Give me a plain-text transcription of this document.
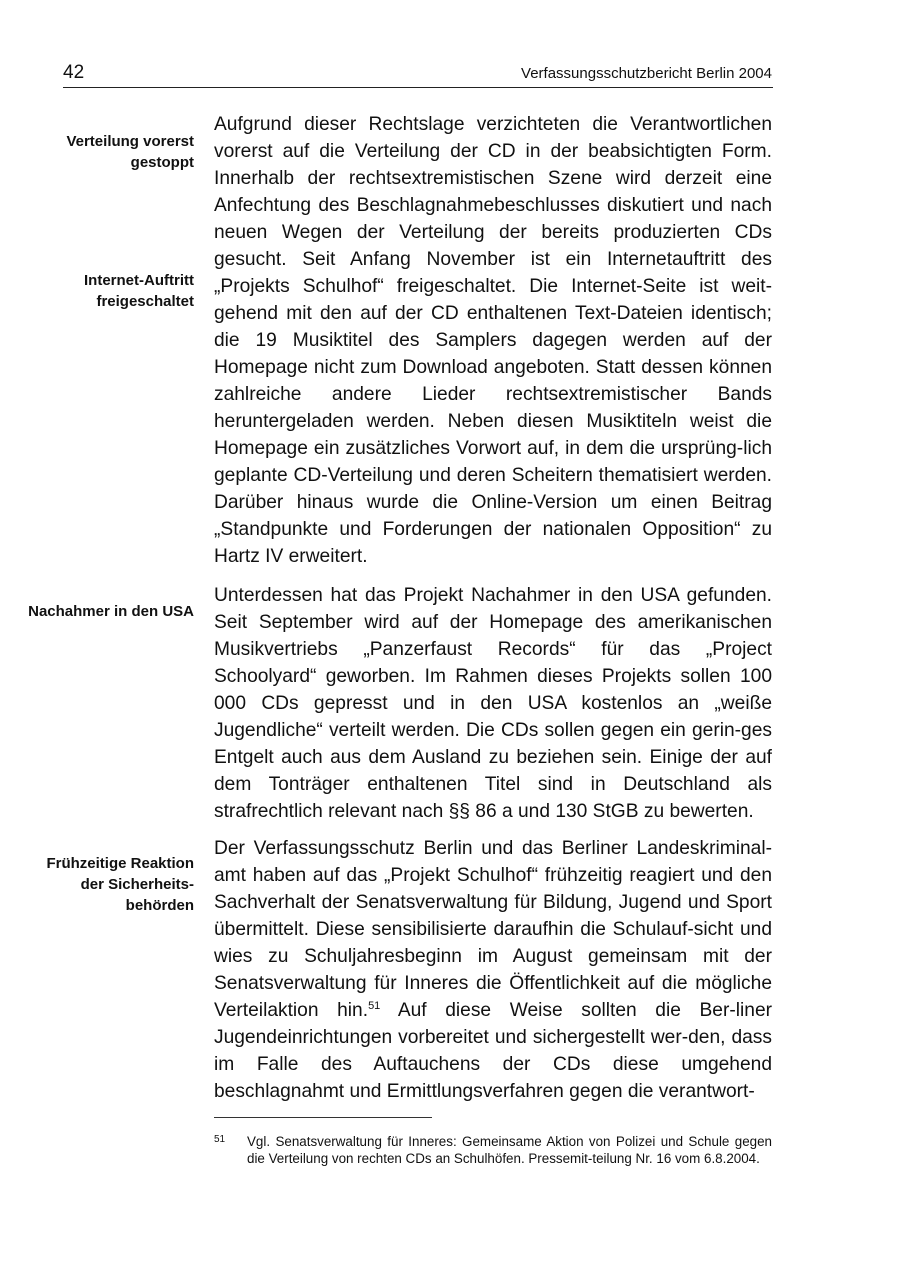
42	Verfassungsschutzbericht Berlin 2004
Verteilung vorerst gestoppt
Internet-Auftritt freigeschaltet
Nachahmer in den USA
Frühzeitige Reaktion der Sicherheits-behörden

Aufgrund dieser Rechtslage verzichteten die Verantwortlichen vorerst auf die Verteilung der CD in der beabsichtigten Form. Innerhalb der rechtsextremistischen Szene wird derzeit eine Anfechtung des Beschlagnahmebeschlusses diskutiert und nach neuen Wegen der Verteilung der bereits produzierten CDs gesucht. Seit Anfang November ist ein Internetauftritt des „Projekts Schulhof“ freigeschaltet. Die Internet-Seite ist weit-gehend mit den auf der CD enthaltenen Text-Dateien identisch; die 19 Musiktitel des Samplers dagegen werden auf der Homepage nicht zum Download angeboten. Statt dessen können zahlreiche andere Lieder rechtsextremistischer Bands heruntergeladen werden. Neben diesen Musiktiteln weist die Homepage ein zusätzliches Vorwort auf, in dem die ursprüng-lich geplante CD-Verteilung und deren Scheitern thematisiert werden. Darüber hinaus wurde die Online-Version um einen Beitrag „Standpunkte und Forderungen der nationalen Opposition“ zu Hartz IV erweitert.

Unterdessen hat das Projekt Nachahmer in den USA gefunden. Seit September wird auf der Homepage des amerikanischen Musikvertriebs „Panzerfaust Records“ für das „Project Schoolyard“ geworben. Im Rahmen dieses Projekts sollen 100 000 CDs gepresst und in den USA kostenlos an „weiße Jugendliche“ verteilt werden. Die CDs sollen gegen ein gerin-ges Entgelt auch aus dem Ausland zu beziehen sein. Einige der auf dem Tonträger enthaltenen Titel sind in Deutschland als strafrechtlich relevant nach §§ 86 a und 130 StGB zu bewerten.

Der Verfassungsschutz Berlin und das Berliner Landeskriminal-amt haben auf das „Projekt Schulhof“ frühzeitig reagiert und den Sachverhalt der Senatsverwaltung für Bildung, Jugend und Sport übermittelt. Diese sensibilisierte daraufhin die Schulauf-sicht und wies zu Schuljahresbeginn im August gemeinsam mit der Senatsverwaltung für Inneres die Öffentlichkeit auf die mögliche Verteilaktion hin.$^{51}$ Auf diese Weise sollten die Ber-liner Jugendeinrichtungen vorbereitet und sichergestellt wer-den, dass im Falle des Auftauchens der CDs diese umgehend beschlagnahmt und Ermittlungsverfahren gegen die verantwort-

51 Vgl. Senatsverwaltung für Inneres: Gemeinsame Aktion von Polizei und Schule gegen die Verteilung von rechten CDs an Schulhöfen. Pressemit-teilung Nr. 16 vom 6.8.2004.
